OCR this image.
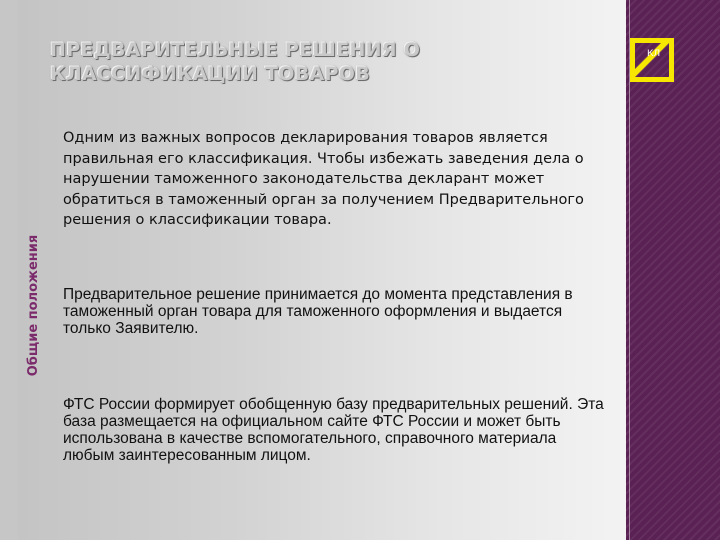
КЛ
ПРЕДВАРИТЕЛЬНЫЕ РЕШЕНИЯ О КЛАССИФИКАЦИИ ТОВАРОВ
Общие положения
Одним из важных вопросов декларирования товаров является правильная его классификация. Чтобы избежать заведения дела о нарушении таможенного законодательства декларант может обратиться в таможенный орган за получением Предварительного решения о классификации товара.
Предварительное решение принимается до момента представления в таможенный орган товара для таможенного оформления и выдается только Заявителю.
ФТС России формирует обобщенную базу предварительных решений. Эта база размещается на официальном сайте ФТС России и может быть использована в качестве вспомогательного, справочного материала любым заинтересованным лицом.
